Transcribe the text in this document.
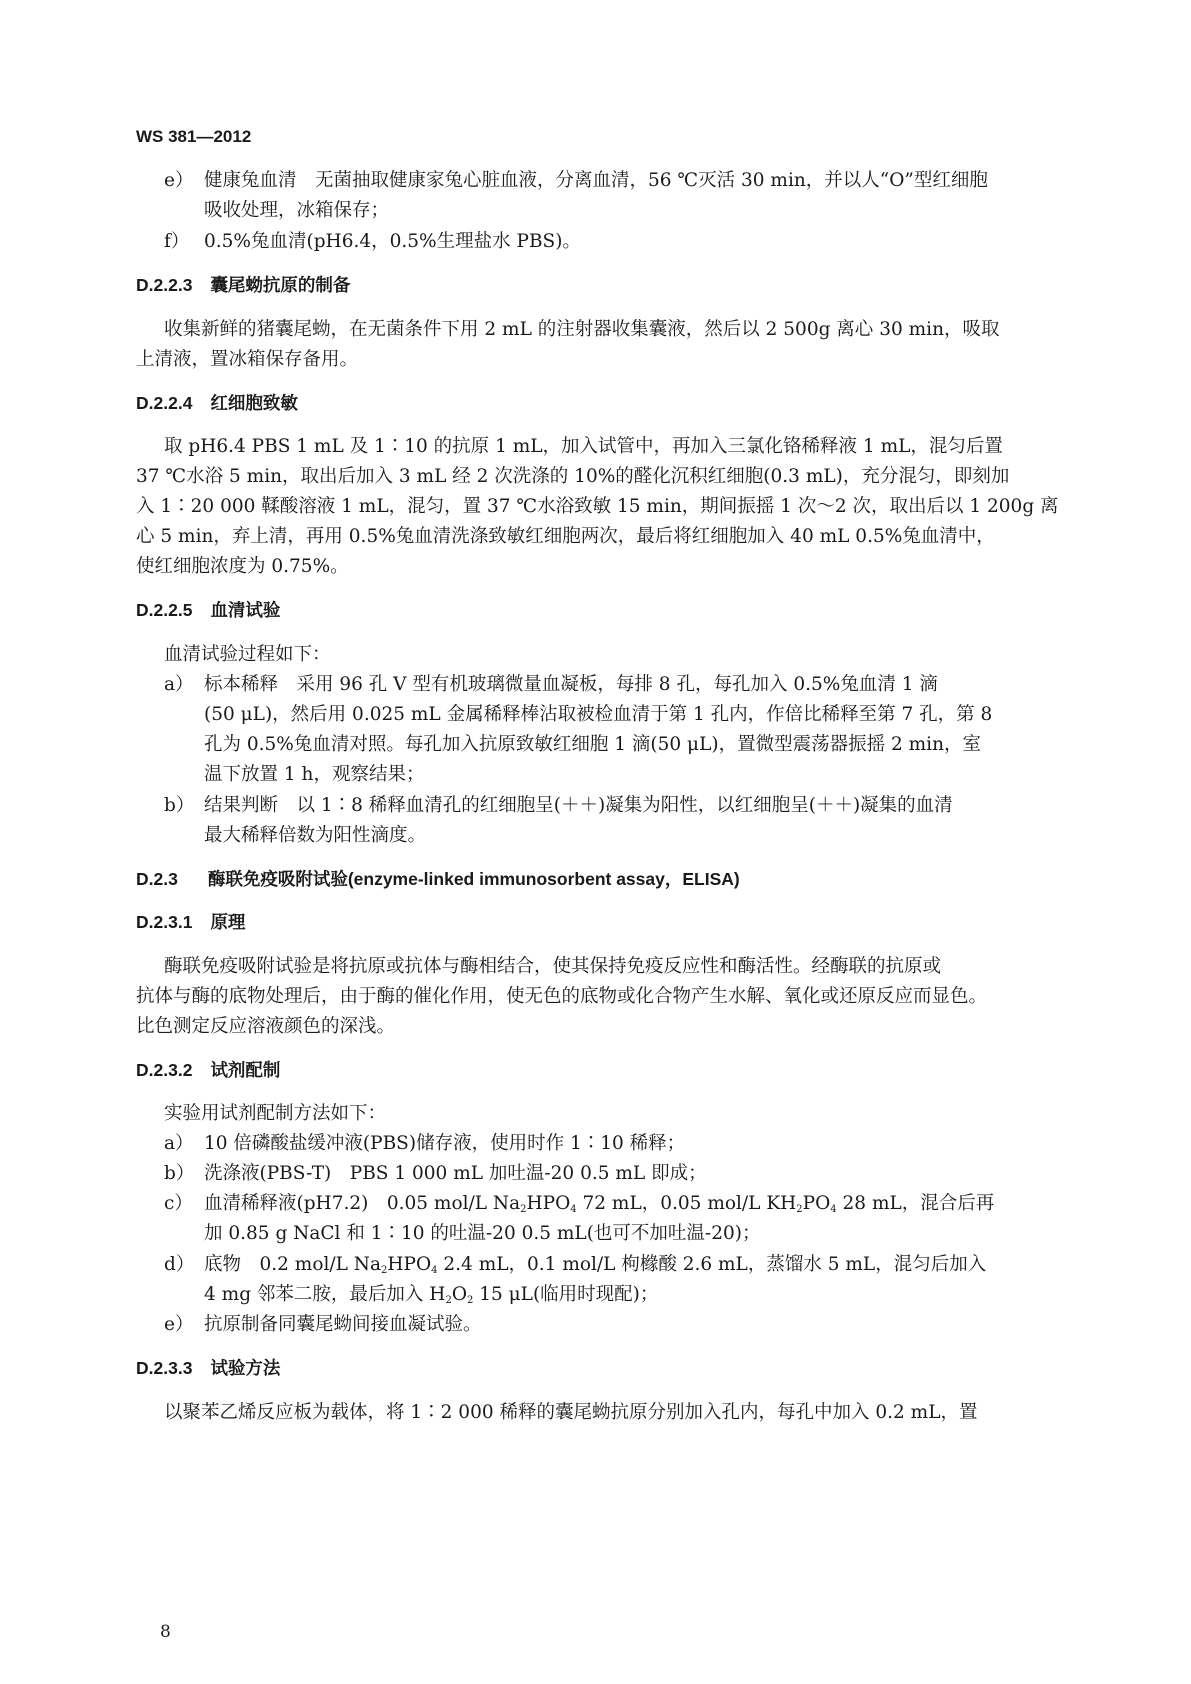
WS 381—2012
e） 健康兔血清　无菌抽取健康家兔心脏血液，分离血清，56 ℃灭活 30 min，并以人“O”型红细胞
吸收处理，冰箱保存；
f） 0.5%兔血清(pH6.4，0.5%生理盐水 PBS)。
D.2.2.3 囊尾蚴抗原的制备
收集新鲜的猪囊尾蚴，在无菌条件下用 2 mL 的注射器收集囊液，然后以 2 500g 离心 30 min，吸取
上清液，置冰箱保存备用。
D.2.2.4 红细胞致敏
取 pH6.4 PBS 1 mL 及 1∶10 的抗原 1 mL，加入试管中，再加入三氯化铬稀释液 1 mL，混匀后置
37 ℃水浴 5 min，取出后加入 3 mL 经 2 次洗涤的 10%的醛化沉积红细胞(0.3 mL)，充分混匀，即刻加
入 1∶20 000 鞣酸溶液 1 mL，混匀，置 37 ℃水浴致敏 15 min，期间振摇 1 次～2 次，取出后以 1 200g 离
心 5 min，弃上清，再用 0.5%兔血清洗涤致敏红细胞两次，最后将红细胞加入 40 mL 0.5%兔血清中，
使红细胞浓度为 0.75%。
D.2.2.5 血清试验
血清试验过程如下：
a） 标本稀释　采用 96 孔 V 型有机玻璃微量血凝板，每排 8 孔，每孔加入 0.5%兔血清 1 滴
(50 μL)，然后用 0.025 mL 金属稀释棒沾取被检血清于第 1 孔内，作倍比稀释至第 7 孔，第 8
孔为 0.5%兔血清对照。每孔加入抗原致敏红细胞 1 滴(50 μL)，置微型震荡器振摇 2 min，室
温下放置 1 h，观察结果；
b） 结果判断　以 1∶8 稀释血清孔的红细胞呈(＋＋)凝集为阳性，以红细胞呈(＋＋)凝集的血清
最大稀释倍数为阳性滴度。
D.2.3 酶联免疫吸附试验(enzyme-linked immunosorbent assay，ELISA)
D.2.3.1 原理
酶联免疫吸附试验是将抗原或抗体与酶相结合，使其保持免疫反应性和酶活性。经酶联的抗原或
抗体与酶的底物处理后，由于酶的催化作用，使无色的底物或化合物产生水解、氧化或还原反应而显色。
比色测定反应溶液颜色的深浅。
D.2.3.2 试剂配制
实验用试剂配制方法如下：
a） 10 倍磷酸盐缓冲液(PBS)储存液，使用时作 1∶10 稀释；
b） 洗涤液(PBS-T)　PBS 1 000 mL 加吐温-20 0.5 mL 即成；
c） 血清稀释液(pH7.2)　0.05 mol/L $Na_2HPO_4$ 72 mL，0.05 mol/L $KH_2PO_4$ 28 mL，混合后再
加 0.85 g NaCl 和 1∶10 的吐温-20 0.5 mL(也可不加吐温-20)；
d） 底物　0.2 mol/L $Na_2HPO_4$ 2.4 mL，0.1 mol/L 枸橼酸 2.6 mL，蒸馏水 5 mL，混匀后加入
4 mg 邻苯二胺，最后加入 $H_2O_2$ 15 μL(临用时现配)；
e） 抗原制备同囊尾蚴间接血凝试验。
D.2.3.3 试验方法
以聚苯乙烯反应板为载体，将 1∶2 000 稀释的囊尾蚴抗原分别加入孔内，每孔中加入 0.2 mL，置
8
